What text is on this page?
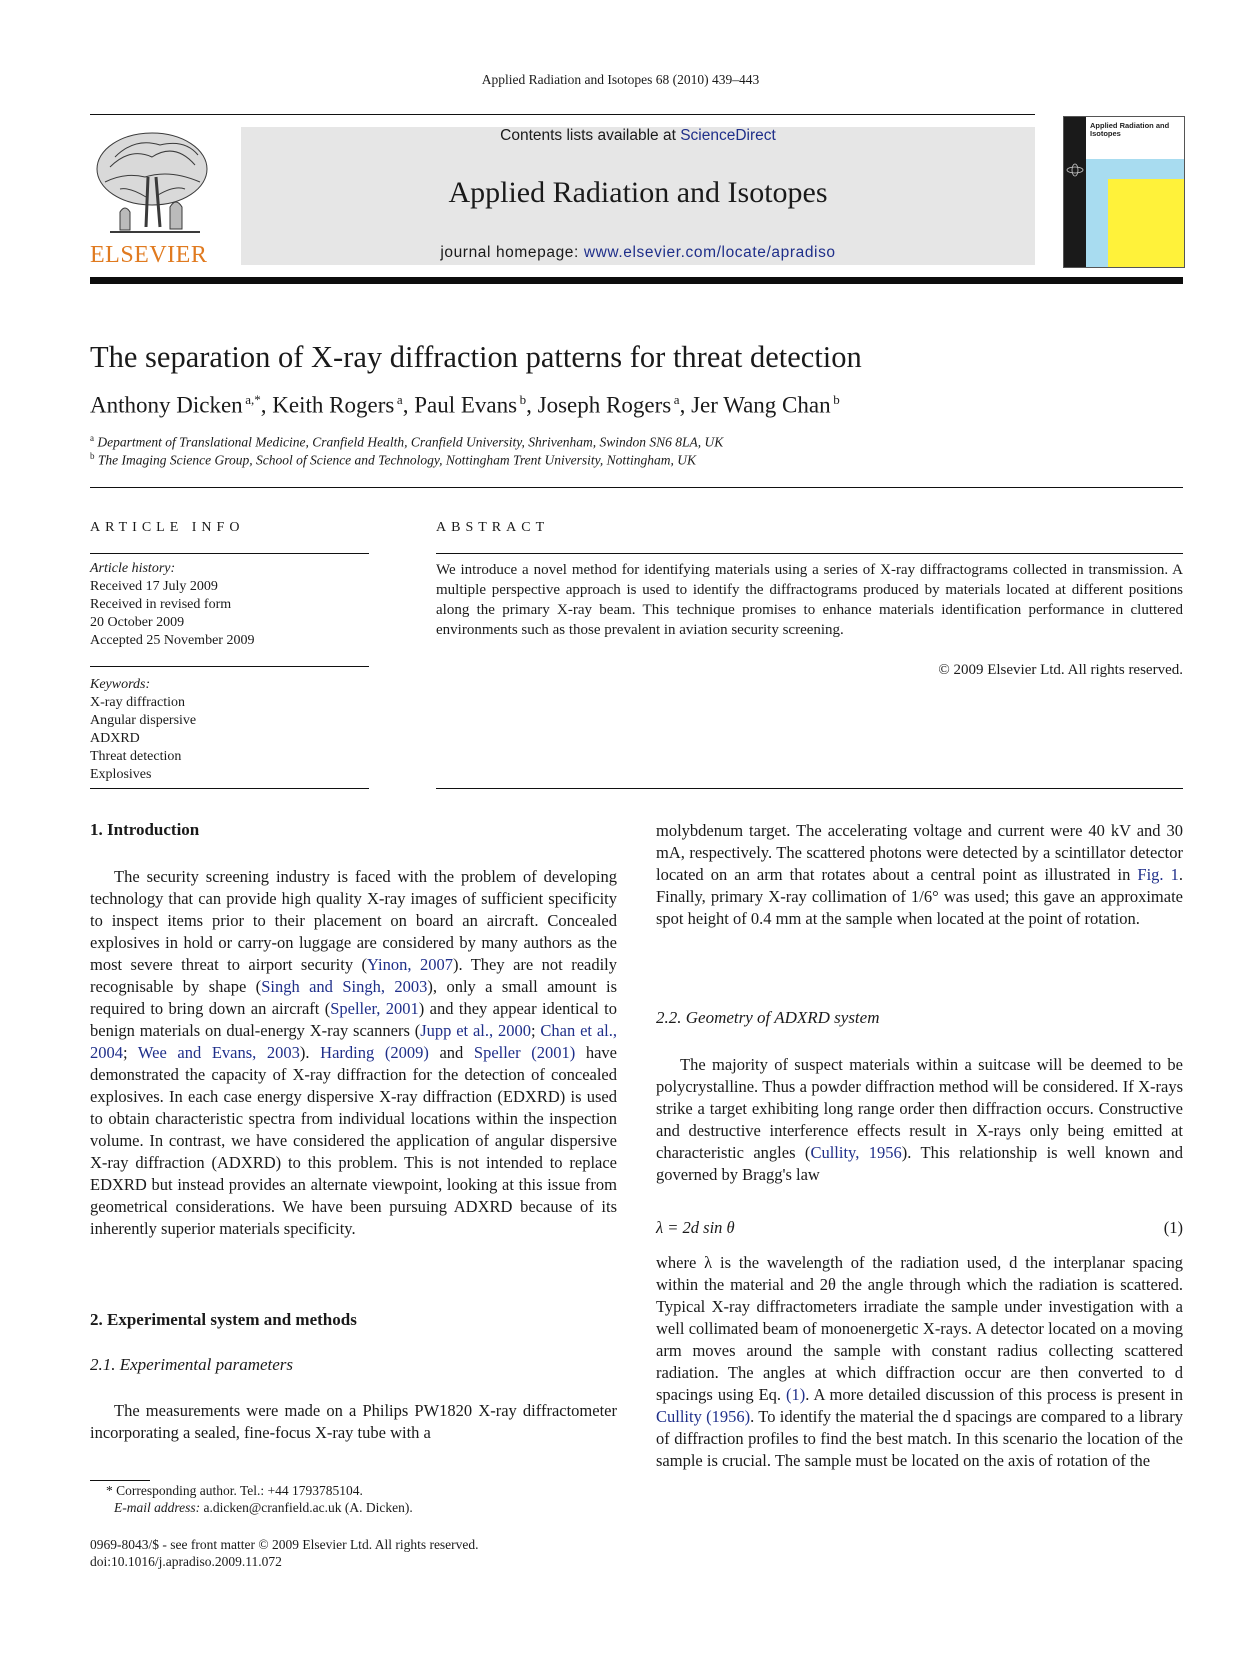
Applied Radiation and Isotopes 68 (2010) 439–443
ELSEVIER
Contents lists available at ScienceDirect
Applied Radiation and Isotopes
journal homepage: www.elsevier.com/locate/apradiso
Applied Radiation and
Isotopes
The separation of X-ray diffraction patterns for threat detection
Anthony Dicken $^{a,*}$, Keith Rogers $^a$, Paul Evans $^b$, Joseph Rogers $^a$, Jer Wang Chan $^b$
$^a$ Department of Translational Medicine, Cranfield Health, Cranfield University, Shrivenham, Swindon SN6 8LA, UK
$^b$ The Imaging Science Group, School of Science and Technology, Nottingham Trent University, Nottingham, UK
ARTICLE INFO
Article history:
Received 17 July 2009
Received in revised form
20 October 2009
Accepted 25 November 2009
Keywords:
X-ray diffraction
Angular dispersive
ADXRD
Threat detection
Explosives
ABSTRACT
We introduce a novel method for identifying materials using a series of X-ray diffractograms collected in transmission. A multiple perspective approach is used to identify the diffractograms produced by materials located at different positions along the primary X-ray beam. This technique promises to enhance materials identification performance in cluttered environments such as those prevalent in aviation security screening.
© 2009 Elsevier Ltd. All rights reserved.
1. Introduction
The security screening industry is faced with the problem of developing technology that can provide high quality X-ray images of sufficient specificity to inspect items prior to their placement on board an aircraft. Concealed explosives in hold or carry-on luggage are considered by many authors as the most severe threat to airport security (Yinon, 2007). They are not readily recognisable by shape (Singh and Singh, 2003), only a small amount is required to bring down an aircraft (Speller, 2001) and they appear identical to benign materials on dual-energy X-ray scanners (Jupp et al., 2000; Chan et al., 2004; Wee and Evans, 2003). Harding (2009) and Speller (2001) have demonstrated the capacity of X-ray diffraction for the detection of concealed explosives. In each case energy dispersive X-ray diffraction (EDXRD) is used to obtain characteristic spectra from individual locations within the inspection volume. In contrast, we have considered the application of angular dispersive X-ray diffraction (ADXRD) to this problem. This is not intended to replace EDXRD but instead provides an alternate viewpoint, looking at this issue from geometrical considerations. We have been pursuing ADXRD because of its inherently superior materials specificity.
2. Experimental system and methods
2.1. Experimental parameters
The measurements were made on a Philips PW1820 X-ray diffractometer incorporating a sealed, fine-focus X-ray tube with a
* Corresponding author. Tel.: +44 1793785104.
E-mail address: a.dicken@cranfield.ac.uk (A. Dicken).
0969-8043/$ - see front matter © 2009 Elsevier Ltd. All rights reserved.
doi:10.1016/j.apradiso.2009.11.072
molybdenum target. The accelerating voltage and current were 40 kV and 30 mA, respectively. The scattered photons were detected by a scintillator detector located on an arm that rotates about a central point as illustrated in Fig. 1. Finally, primary X-ray collimation of 1/6° was used; this gave an approximate spot height of 0.4 mm at the sample when located at the point of rotation.
2.2. Geometry of ADXRD system
The majority of suspect materials within a suitcase will be deemed to be polycrystalline. Thus a powder diffraction method will be considered. If X-rays strike a target exhibiting long range order then diffraction occurs. Constructive and destructive interference effects result in X-rays only being emitted at characteristic angles (Cullity, 1956). This relationship is well known and governed by Bragg's law
λ = 2d sin θ	(1)
where λ is the wavelength of the radiation used, d the interplanar spacing within the material and 2θ the angle through which the radiation is scattered. Typical X-ray diffractometers irradiate the sample under investigation with a well collimated beam of monoenergetic X-rays. A detector located on a moving arm moves around the sample with constant radius collecting scattered radiation. The angles at which diffraction occur are then converted to d spacings using Eq. (1). A more detailed discussion of this process is present in Cullity (1956). To identify the material the d spacings are compared to a library of diffraction profiles to find the best match. In this scenario the location of the sample is crucial. The sample must be located on the axis of rotation of the
